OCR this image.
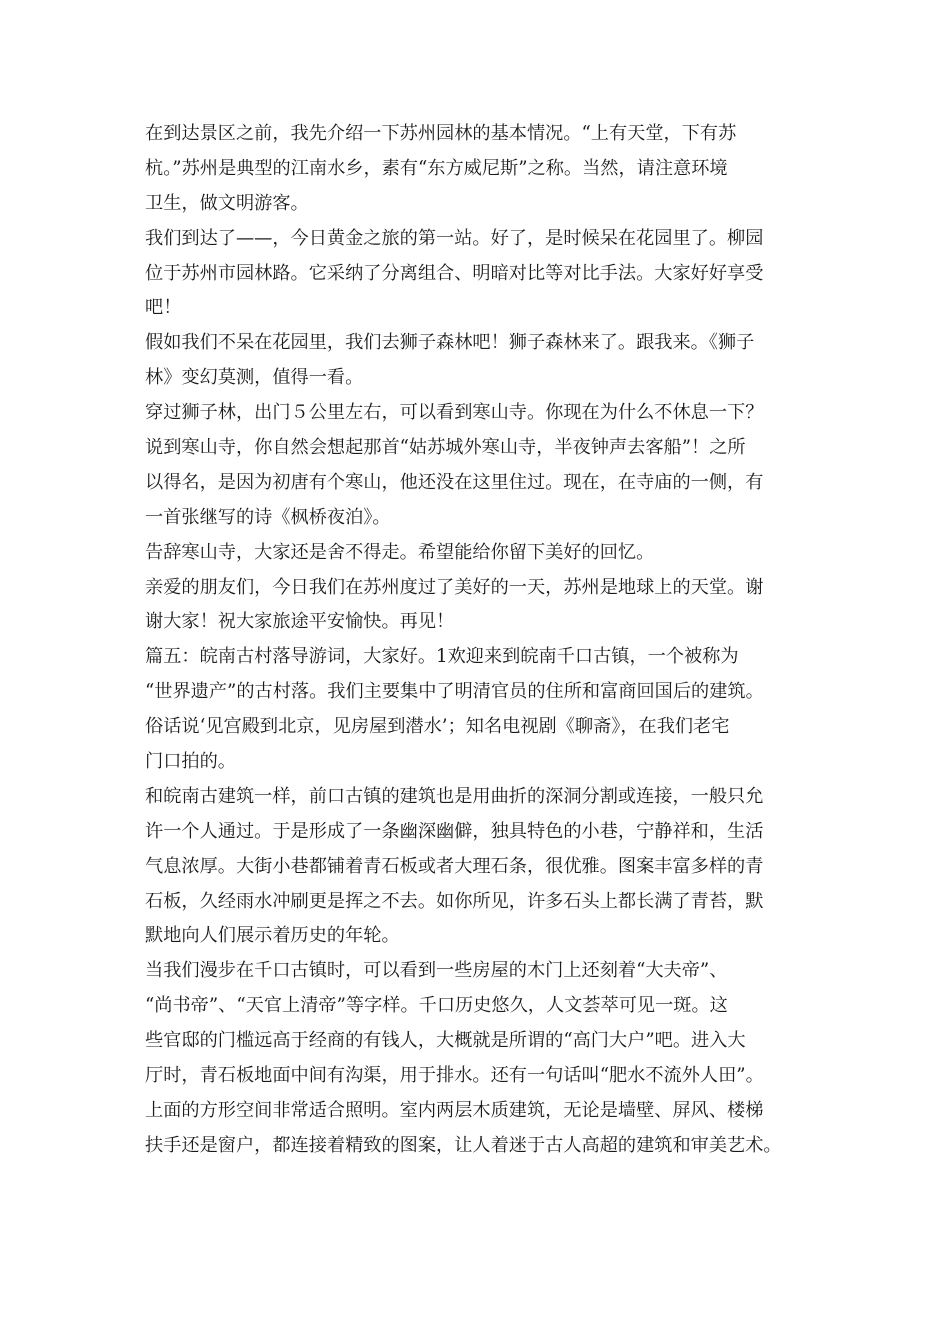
在到达景区之前，我先介绍一下苏州园林的基本情况。“上有天堂，下有苏
杭。”苏州是典型的江南水乡，素有“东方威尼斯”之称。当然，请注意环境
卫生，做文明游客。
我们到达了——，今日黄金之旅的第一站。好了，是时候呆在花园里了。柳园
位于苏州市园林路。它采纳了分离组合、明暗对比等对比手法。大家好好享受
吧！
假如我们不呆在花园里，我们去狮子森林吧！狮子森林来了。跟我来。《狮子
林》变幻莫测，值得一看。
穿过狮子林，出门５公里左右，可以看到寒山寺。你现在为什么不休息一下？
说到寒山寺，你自然会想起那首“姑苏城外寒山寺，半夜钟声去客船”！之所
以得名，是因为初唐有个寒山，他还没在这里住过。现在，在寺庙的一侧，有
一首张继写的诗《枫桥夜泊》。
告辞寒山寺，大家还是舍不得走。希望能给你留下美好的回忆。
亲爱的朋友们，今日我们在苏州度过了美好的一天，苏州是地球上的天堂。谢
谢大家！祝大家旅途平安愉快。再见！
篇五：皖南古村落导游词，大家好。1欢迎来到皖南千口古镇，一个被称为
“世界遗产”的古村落。我们主要集中了明清官员的住所和富商回国后的建筑。
俗话说‘见宫殿到北京，见房屋到潜水’；知名电视剧《聊斋》，在我们老宅
门口拍的。
和皖南古建筑一样，前口古镇的建筑也是用曲折的深洞分割或连接，一般只允
许一个人通过。于是形成了一条幽深幽僻，独具特色的小巷，宁静祥和，生活
气息浓厚。大街小巷都铺着青石板或者大理石条，很优雅。图案丰富多样的青
石板，久经雨水冲刷更是挥之不去。如你所见，许多石头上都长满了青苔，默
默地向人们展示着历史的年轮。
当我们漫步在千口古镇时，可以看到一些房屋的木门上还刻着“大夫帝”、
“尚书帝”、“天官上清帝”等字样。千口历史悠久，人文荟萃可见一斑。这
些官邸的门槛远高于经商的有钱人，大概就是所谓的“高门大户”吧。进入大
厅时，青石板地面中间有沟渠，用于排水。还有一句话叫“肥水不流外人田”。
上面的方形空间非常适合照明。室内两层木质建筑，无论是墙壁、屏风、楼梯
扶手还是窗户，都连接着精致的图案，让人着迷于古人高超的建筑和审美艺术。
